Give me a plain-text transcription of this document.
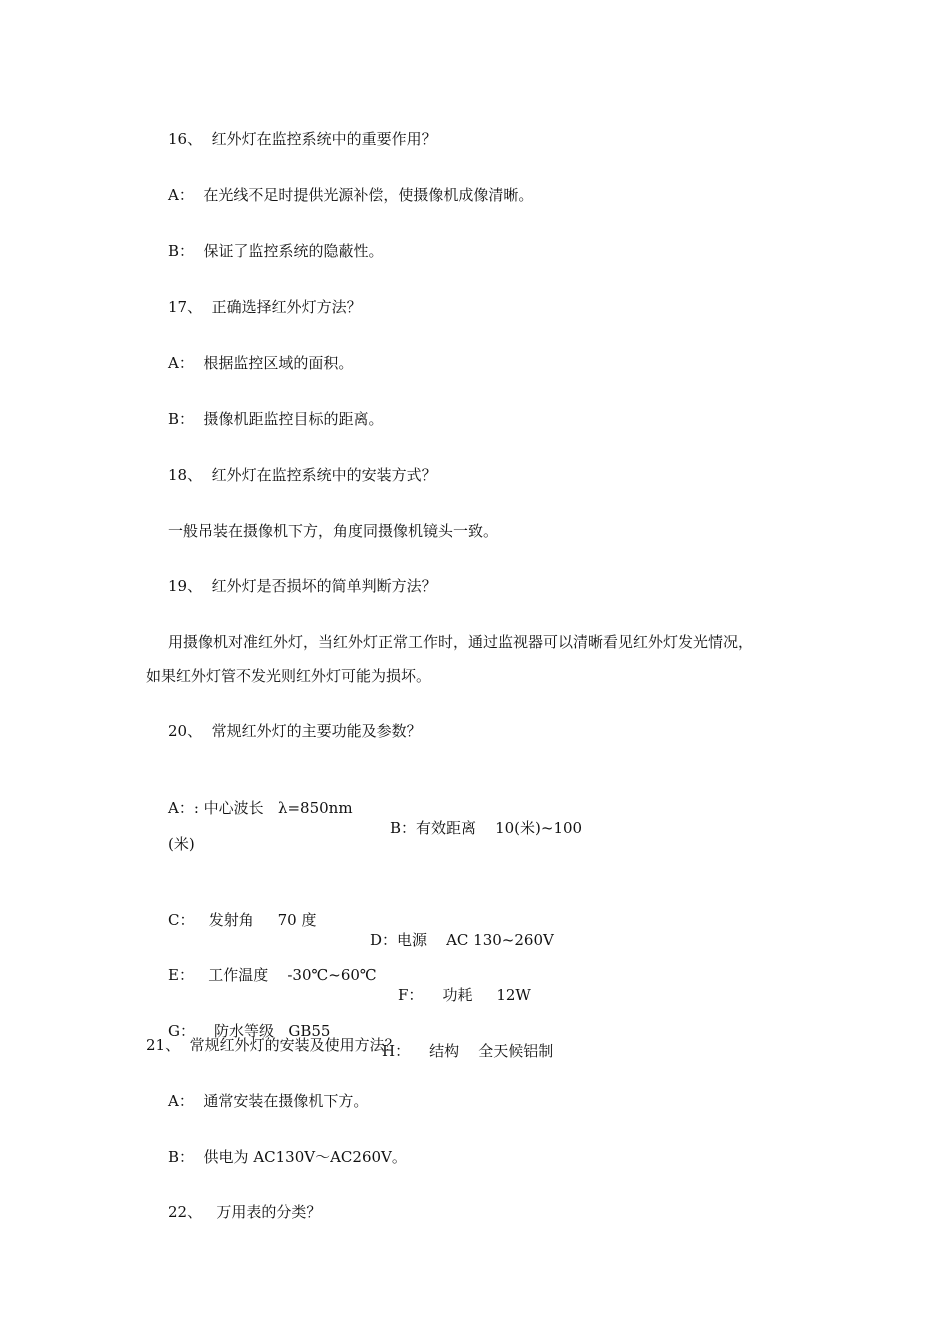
16、  红外灯在监控系统中的重要作用？
A：  在光线不足时提供光源补偿，使摄像机成像清晰。
B：  保证了监控系统的隐蔽性。
17、  正确选择红外灯方法？
A：  根据监控区域的面积。
B：  摄像机距监控目标的距离。
18、  红外灯在监控系统中的安装方式？
一般吊装在摄像机下方，角度同摄像机镜头一致。
19、  红外灯是否损坏的简单判断方法？
用摄像机对准红外灯，当红外灯正常工作时，通过监视器可以清晰看见红外灯发光情况，
如果红外灯管不发光则红外灯可能为损坏。
20、  常规红外灯的主要功能及参数？

A：: 中心波长   λ=850nm

B：有效距离    10(米)~100

(米)

C：   发射角     70 度

D：电源    AC 130~260V

E：   工作温度    -30℃~60℃

F：    功耗     12W

G：    防水等级   GB55

H：    结构    全天候铝制

21、  常规红外灯的安装及使用方法？
A：  通常安装在摄像机下方。
B：  供电为 AC130V～AC260V。
22、   万用表的分类？
